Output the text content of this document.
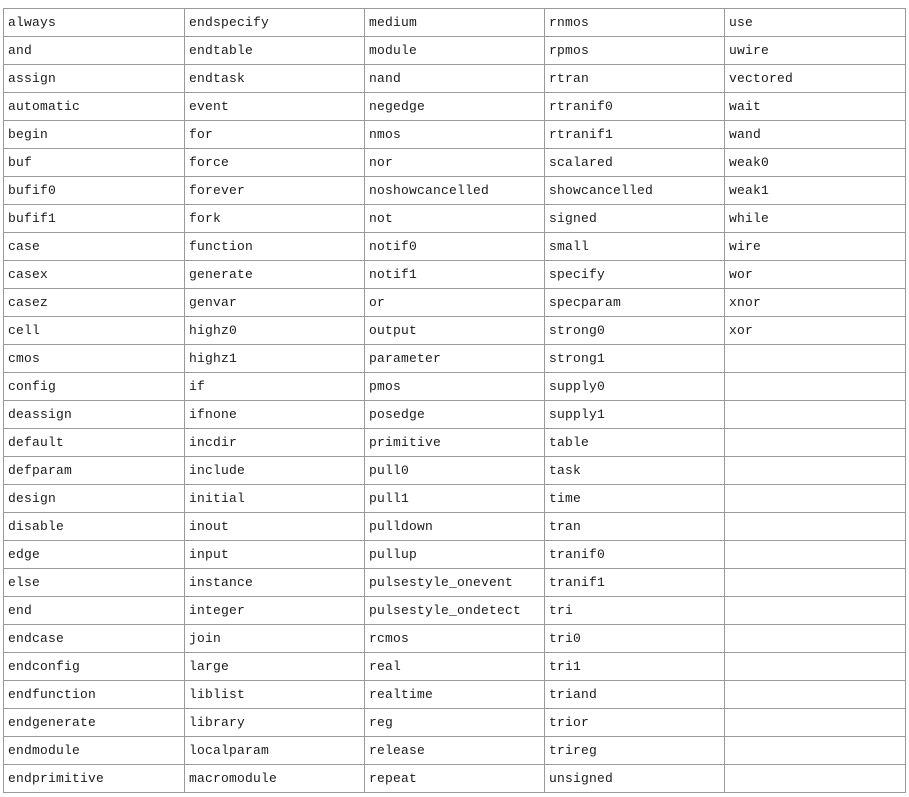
always	endspecify	medium	rnmos	use
and	endtable	module	rpmos	uwire
assign	endtask	nand	rtran	vectored
automatic	event	negedge	rtranif0	wait
begin	for	nmos	rtranif1	wand
buf	force	nor	scalared	weak0
bufif0	forever	noshowcancelled	showcancelled	weak1
bufif1	fork	not	signed	while
case	function	notif0	small	wire
casex	generate	notif1	specify	wor
casez	genvar	or	specparam	xnor
cell	highz0	output	strong0	xor
cmos	highz1	parameter	strong1	
config	if	pmos	supply0	
deassign	ifnone	posedge	supply1	
default	incdir	primitive	table	
defparam	include	pull0	task	
design	initial	pull1	time	
disable	inout	pulldown	tran	
edge	input	pullup	tranif0	
else	instance	pulsestyle_onevent	tranif1	
end	integer	pulsestyle_ondetect	tri	
endcase	join	rcmos	tri0	
endconfig	large	real	tri1	
endfunction	liblist	realtime	triand	
endgenerate	library	reg	trior	
endmodule	localparam	release	trireg	
endprimitive	macromodule	repeat	unsigned	
